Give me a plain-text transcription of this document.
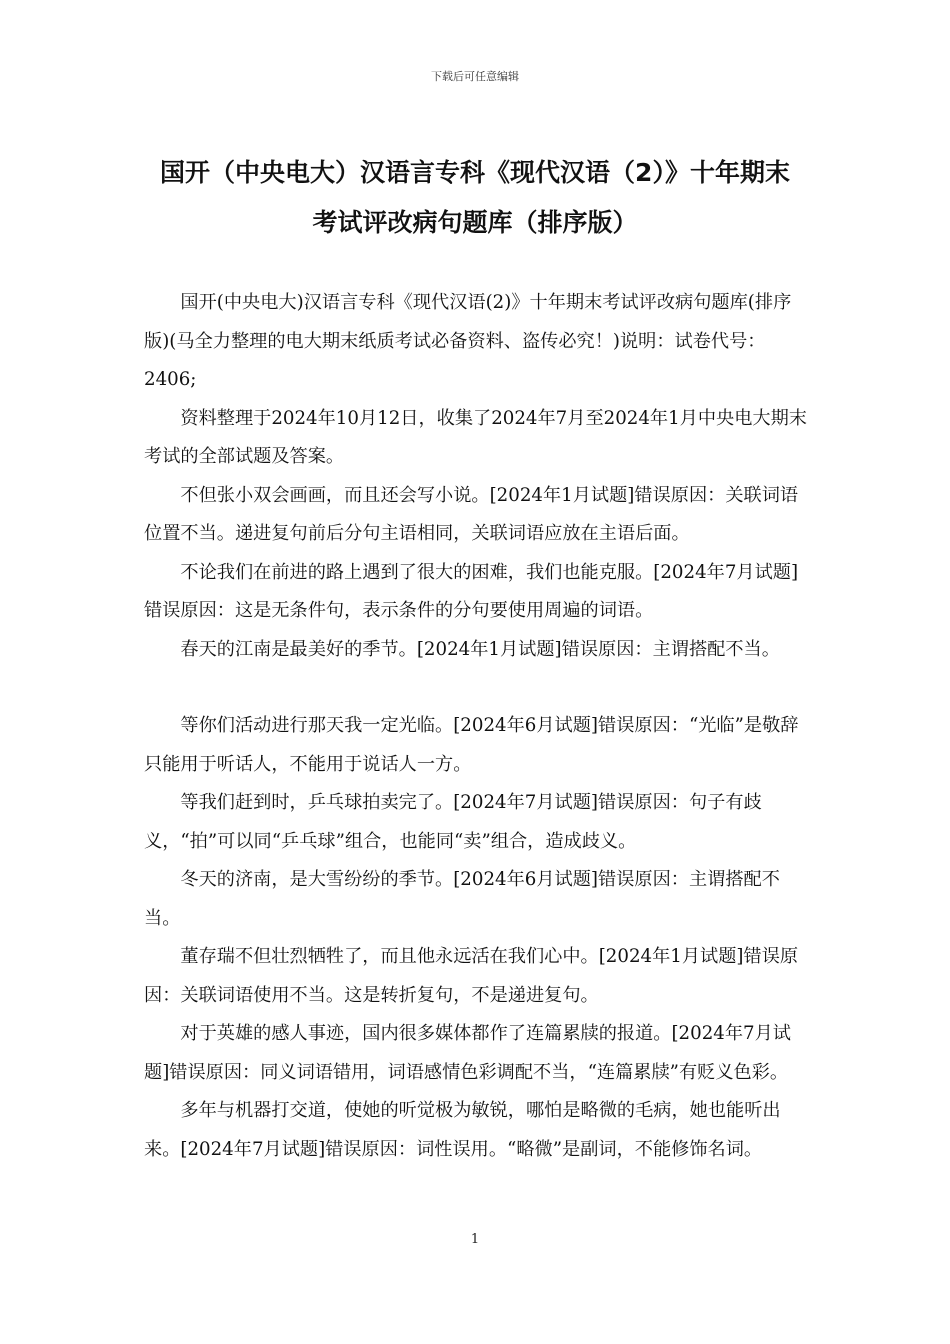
下载后可任意编辑
国开（中央电大）汉语言专科《现代汉语（2）》十年期末
考试评改病句题库（排序版）

国开(中央电大)汉语言专科《现代汉语(2)》十年期末考试评改病句题库(排序版)(马全力整理的电大期末纸质考试必备资料、盗传必究！)说明：试卷代号：2406;

资料整理于2024年10月12日，收集了2024年7月至2024年1月中央电大期末考试的全部试题及答案。

不但张小双会画画，而且还会写小说。[2024年1月试题]错误原因：关联词语位置不当。递进复句前后分句主语相同，关联词语应放在主语后面。

不论我们在前进的路上遇到了很大的困难，我们也能克服。[2024年7月试题]错误原因：这是无条件句，表示条件的分句要使用周遍的词语。

春天的江南是最美好的季节。[2024年1月试题]错误原因：主谓搭配不当。

等你们活动进行那天我一定光临。[2024年6月试题]错误原因：“光临”是敬辞只能用于听话人，不能用于说话人一方。

等我们赶到时，乒乓球拍卖完了。[2024年7月试题]错误原因：句子有歧义，“拍”可以同“乒乓球”组合，也能同“卖”组合，造成歧义。

冬天的济南，是大雪纷纷的季节。[2024年6月试题]错误原因：主谓搭配不当。

董存瑞不但壮烈牺牲了，而且他永远活在我们心中。[2024年1月试题]错误原因：关联词语使用不当。这是转折复句，不是递进复句。

对于英雄的感人事迹，国内很多媒体都作了连篇累牍的报道。[2024年7月试题]错误原因：同义词语错用，词语感情色彩调配不当，“连篇累牍”有贬义色彩。

多年与机器打交道，使她的听觉极为敏锐，哪怕是略微的毛病，她也能听出来。[2024年7月试题]错误原因：词性误用。“略微”是副词，不能修饰名词。

1
